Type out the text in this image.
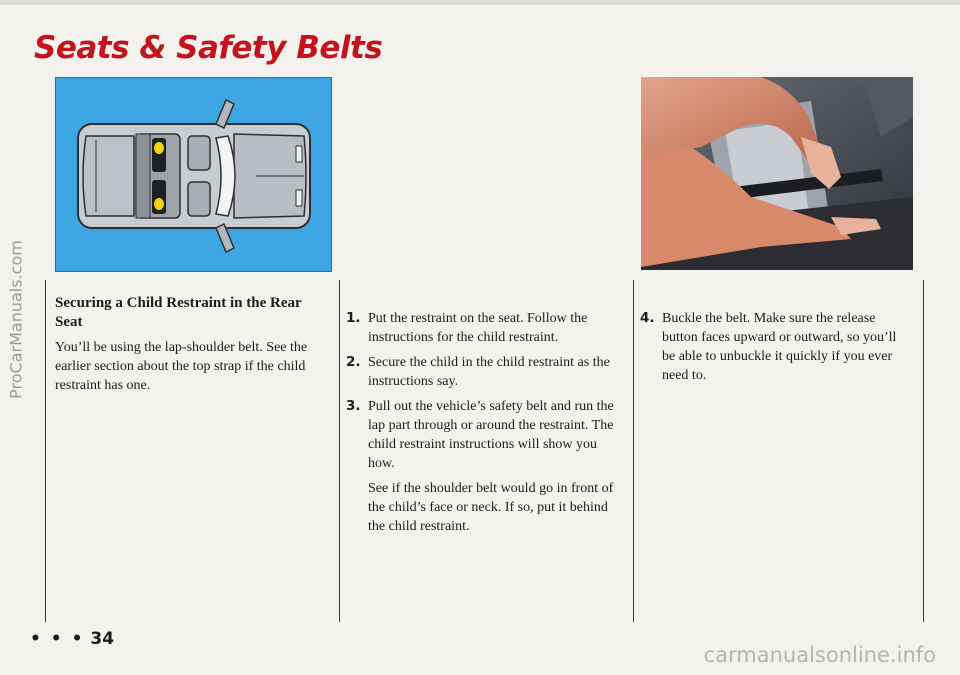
Seats & Safety Belts
ProCarManuals.com Securing a Child Restraint in the Rear Seat

You’ll be using the lap-shoulder belt. See the earlier section about the top strap if the child restraint has one.

1. Put the restraint on the seat. Follow the instructions for the child restraint.
2. Secure the child in the child restraint as the instructions say.
3. Pull out the vehicle’s safety belt and run the lap part through or around the restraint. The child restraint instructions will show you how.

See if the shoulder belt would go in front of the child’s face or neck. If so, put it behind the child restraint.

4. Buckle the belt. Make sure the release button faces upward or outward, so you’ll be able to unbuckle it quickly if you ever need to.
• • • 34
carmanualsonline.info
